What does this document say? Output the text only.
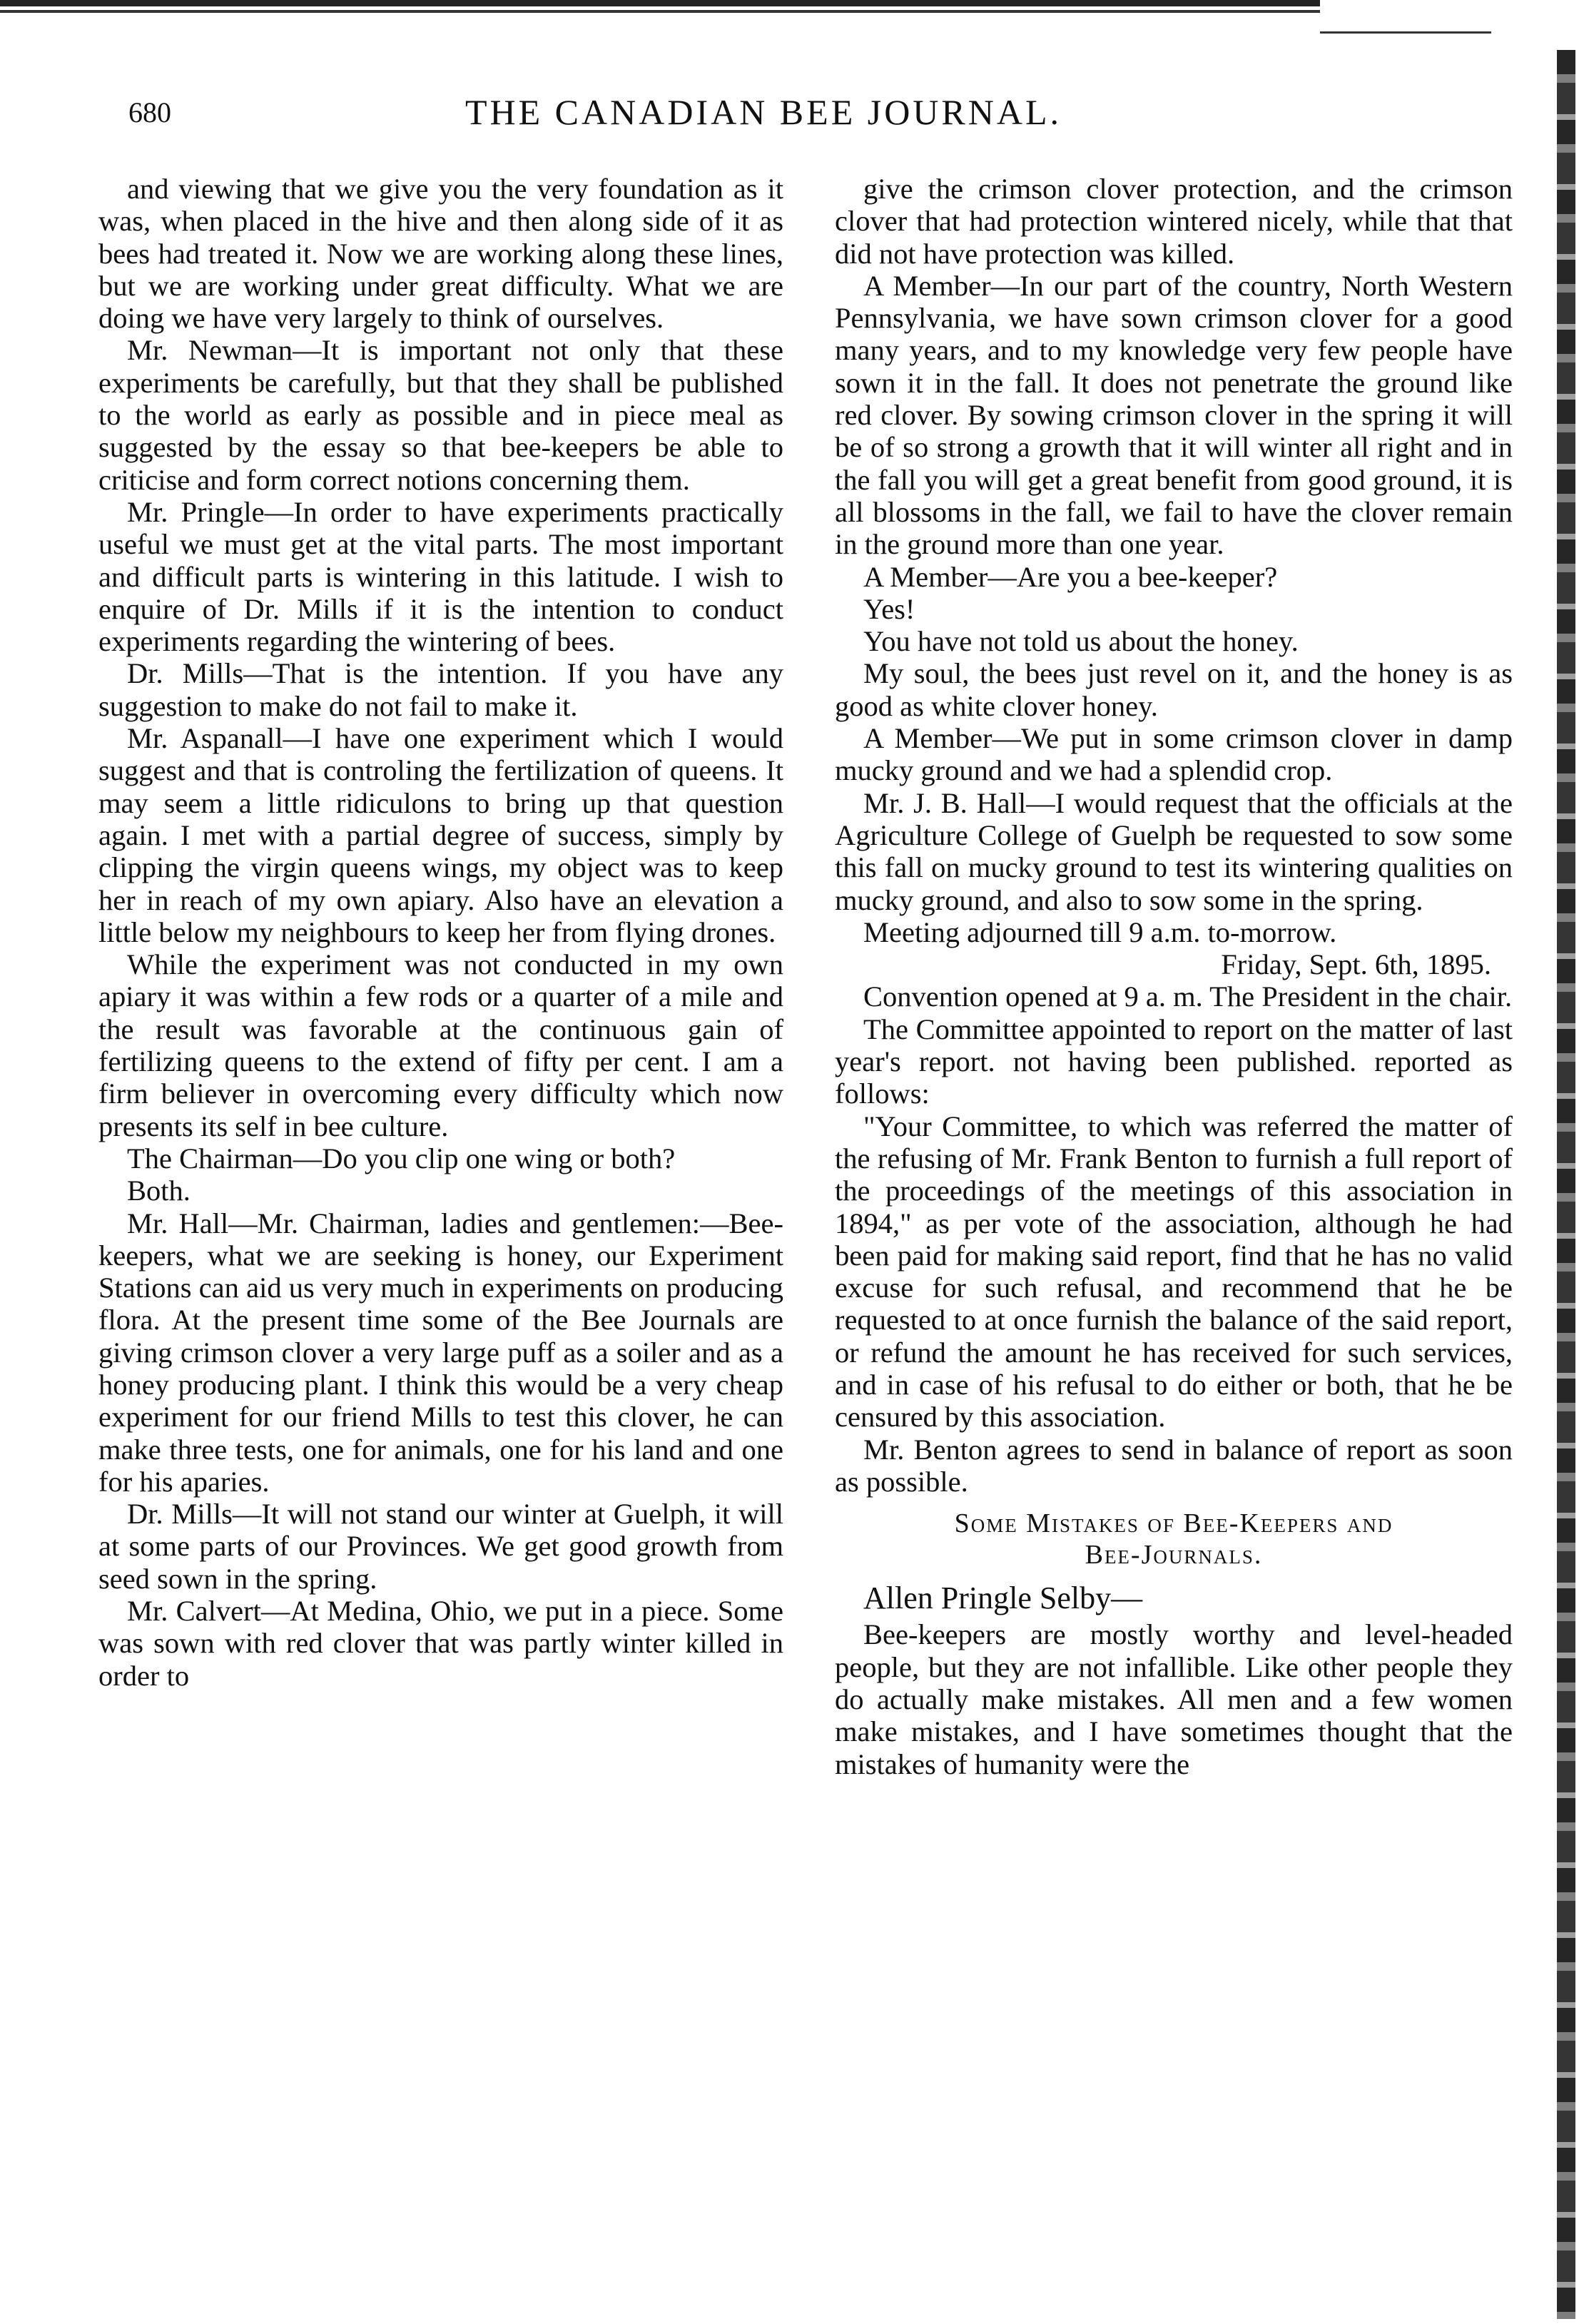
680	THE CANADIAN BEE JOURNAL.

and viewing that we give you the very foundation as it was, when placed in the hive and then along side of it as bees had treated it. Now we are working along these lines, but we are working under great difficulty. What we are doing we have very largely to think of ourselves.

Mr. Newman—It is important not only that these experiments be carefully, but that they shall be published to the world as early as possible and in piece meal as suggested by the essay so that bee-keepers be able to criticise and form correct notions concerning them.

Mr. Pringle—In order to have experiments practically useful we must get at the vital parts. The most important and difficult parts is wintering in this latitude. I wish to enquire of Dr. Mills if it is the intention to conduct experiments regarding the wintering of bees.

Dr. Mills—That is the intention. If you have any suggestion to make do not fail to make it.

Mr. Aspanall—I have one experiment which I would suggest and that is controling the fertilization of queens. It may seem a little ridiculons to bring up that question again. I met with a partial degree of success, simply by clipping the virgin queens wings, my object was to keep her in reach of my own apiary. Also have an elevation a little below my neighbours to keep her from flying drones.

While the experiment was not conducted in my own apiary it was within a few rods or a quarter of a mile and the result was favorable at the continuous gain of fertilizing queens to the extend of fifty per cent. I am a firm believer in overcoming every difficulty which now presents its self in bee culture.

The Chairman—Do you clip one wing or both?

Both.

Mr. Hall—Mr. Chairman, ladies and gentlemen:—Bee-keepers, what we are seeking is honey, our Experiment Stations can aid us very much in experiments on producing flora. At the present time some of the Bee Journals are giving crimson clover a very large puff as a soiler and as a honey producing plant. I think this would be a very cheap experiment for our friend Mills to test this clover, he can make three tests, one for animals, one for his land and one for his aparies.

Dr. Mills—It will not stand our winter at Guelph, it will at some parts of our Provinces. We get good growth from seed sown in the spring.

Mr. Calvert—At Medina, Ohio, we put in a piece. Some was sown with red clover that was partly winter killed in order to

give the crimson clover protection, and the crimson clover that had protection wintered nicely, while that that did not have protection was killed.

A Member—In our part of the country, North Western Pennsylvania, we have sown crimson clover for a good many years, and to my knowledge very few people have sown it in the fall. It does not penetrate the ground like red clover. By sowing crimson clover in the spring it will be of so strong a growth that it will winter all right and in the fall you will get a great benefit from good ground, it is all blossoms in the fall, we fail to have the clover remain in the ground more than one year.

A Member—Are you a bee-keeper?

Yes!

You have not told us about the honey.

My soul, the bees just revel on it, and the honey is as good as white clover honey.

A Member—We put in some crimson clover in damp mucky ground and we had a splendid crop.

Mr. J. B. Hall—I would request that the officials at the Agriculture College of Guelph be requested to sow some this fall on mucky ground to test its wintering qualities on mucky ground, and also to sow some in the spring.

Meeting adjourned till 9 a.m. to-morrow.

Friday, Sept. 6th, 1895.

Convention opened at 9 a. m. The President in the chair.

The Committee appointed to report on the matter of last year's report. not having been published. reported as follows:

"Your Committee, to which was referred the matter of the refusing of Mr. Frank Benton to furnish a full report of the proceedings of the meetings of this association in 1894," as per vote of the association, although he had been paid for making said report, find that he has no valid excuse for such refusal, and recommend that he be requested to at once furnish the balance of the said report, or refund the amount he has received for such services, and in case of his refusal to do either or both, that he be censured by this association.

Mr. Benton agrees to send in balance of report as soon as possible.

Some Mistakes of Bee-Keepers and
Bee-Journals.

Allen Pringle Selby—

Bee-keepers are mostly worthy and level-headed people, but they are not infallible. Like other people they do actually make mistakes. All men and a few women make mistakes, and I have sometimes thought that the mistakes of humanity were the
